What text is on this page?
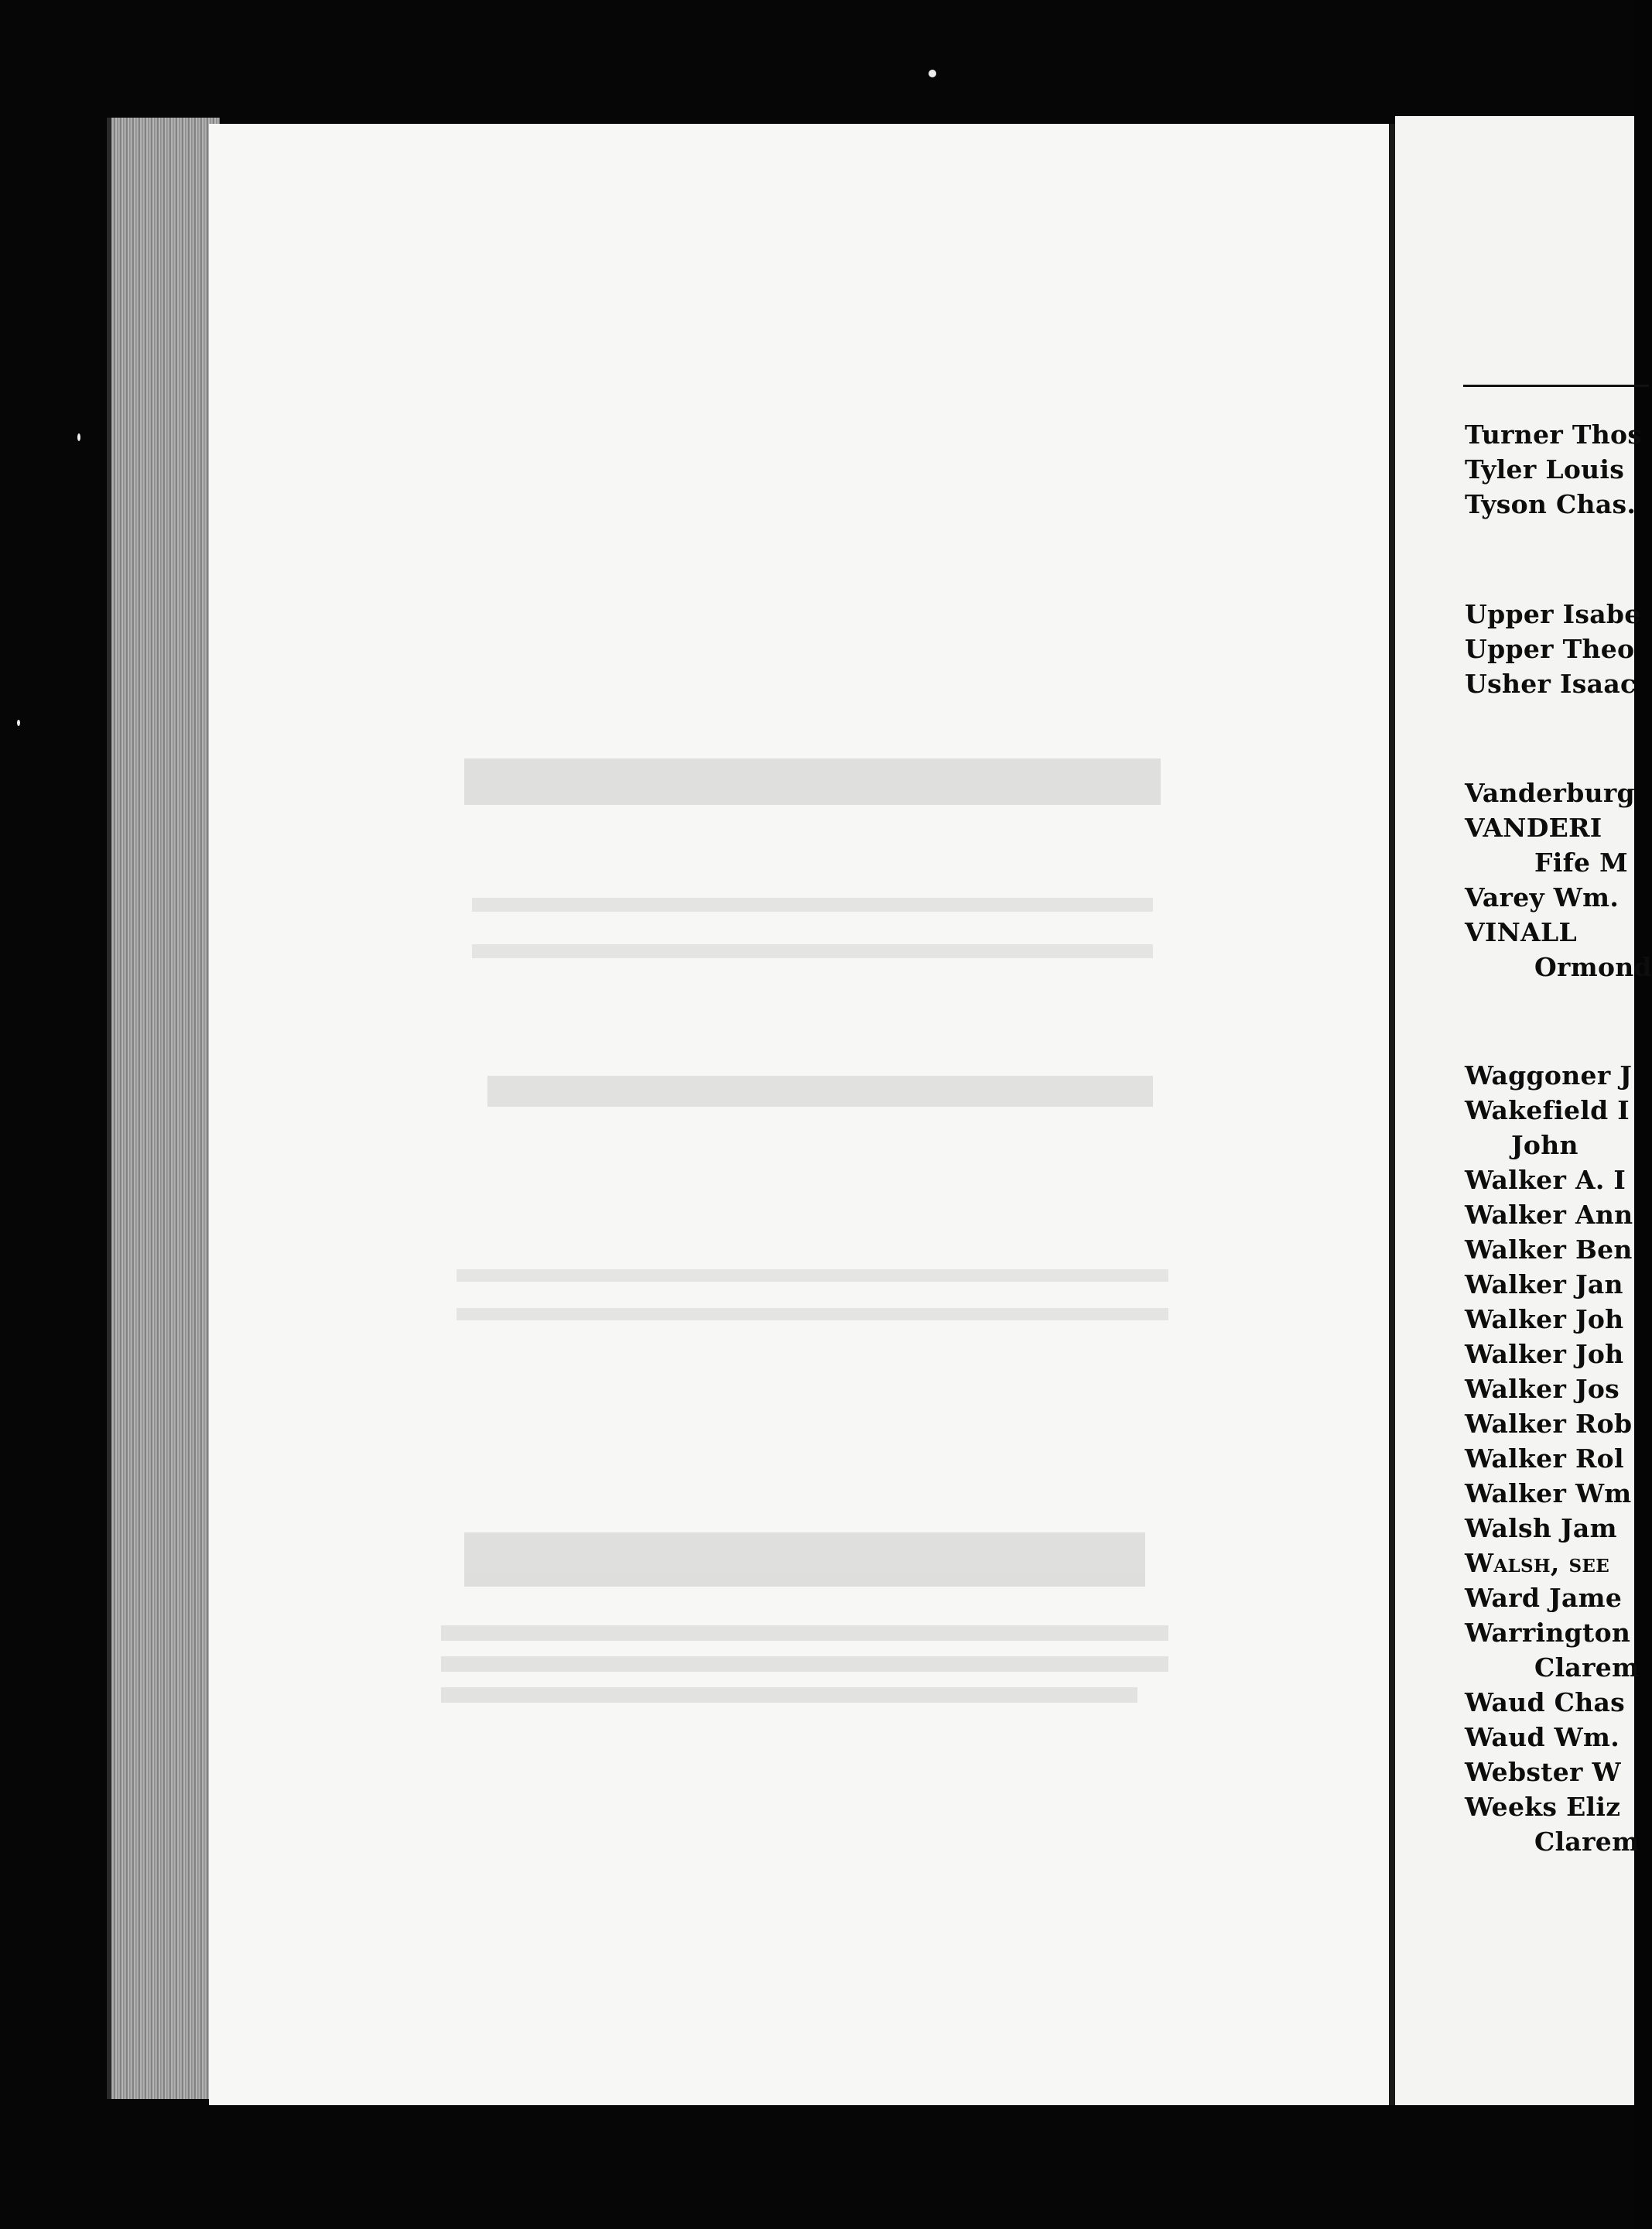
Turner Thos
Tyler Louis
Tyson Chas.
Upper Isabe
Upper Theo
Usher Isaac
Vanderburg
VANDERI
Fife M
Varey Wm.
VINALL
Ormond
Waggoner J
Wakefield I
John
Walker A. I
Walker Ann
Walker Ben
Walker Jan
Walker Joh
Walker Joh
Walker Jos
Walker Rob
Walker Rol
Walker Wm
Walsh Jam
Walsh, see
Ward Jame
Warrington
Clarem
Waud Chas
Waud Wm.
Webster W
Weeks Eliz
Clarem
